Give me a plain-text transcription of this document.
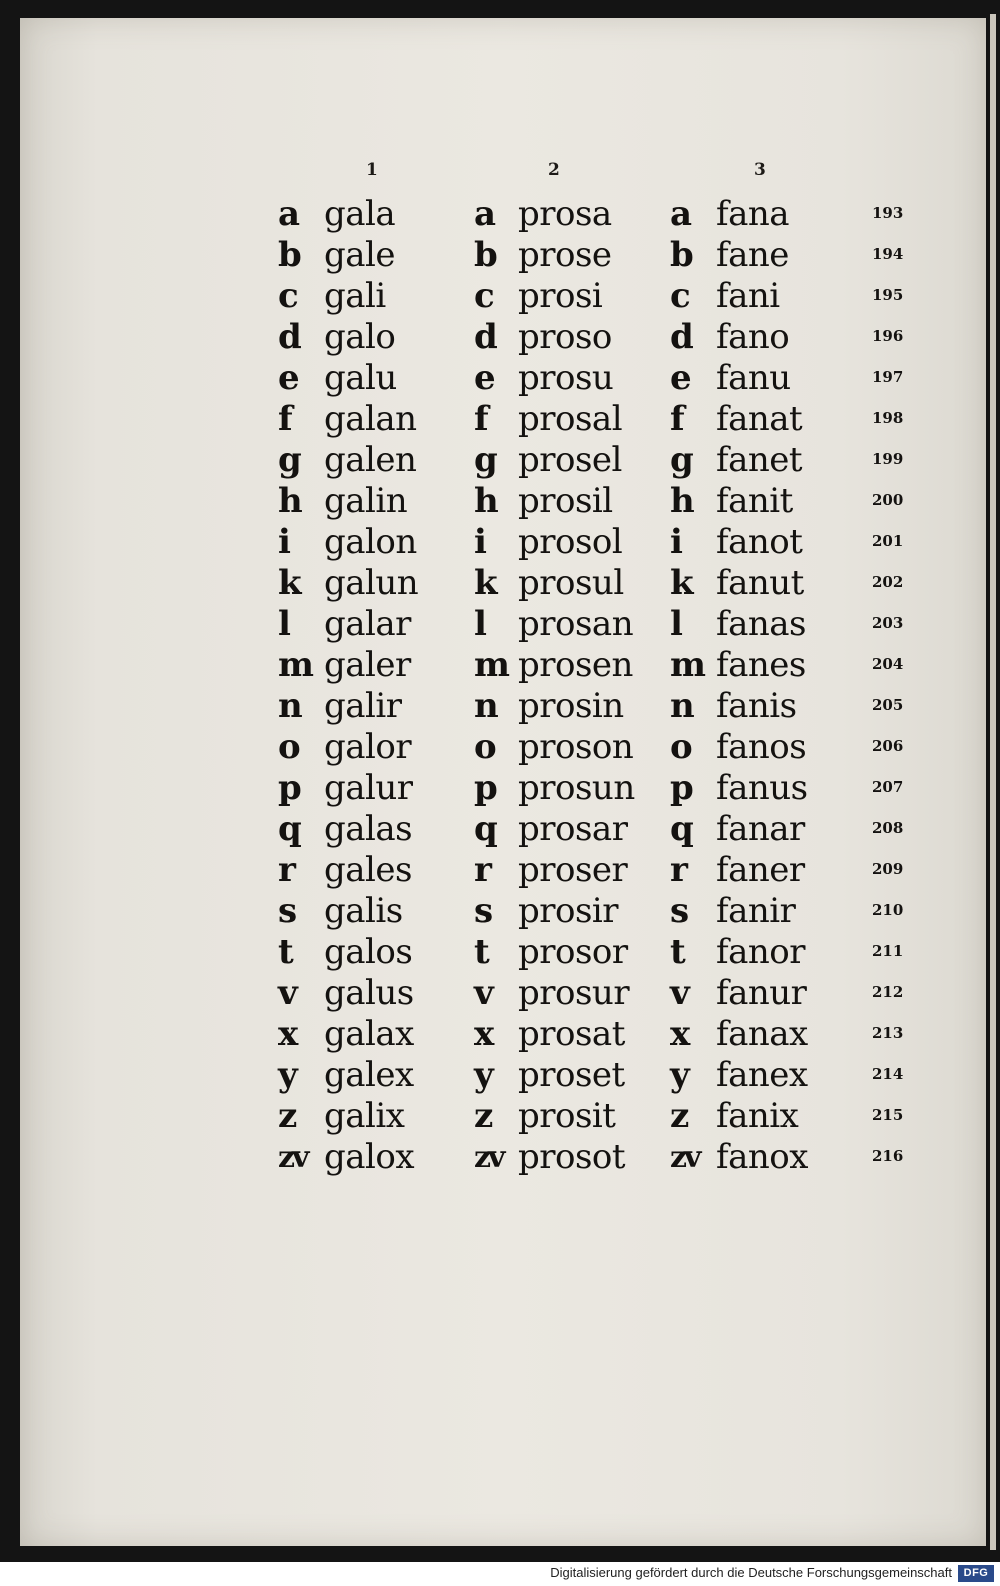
1	2	3
a gala a prosa a fana	193
b gale b prose b fane	194
c gali	c prosi c fani	195
d galo d proso d fano	196
e galu e prosu e fanu	197
f galan f prosal f fanat	198
g galen g prosel g fanet	199
h galin h prosil h fanit	200
i galon i prosol i fanot	201
k galun k prosul k fanut	202
l galar l prosan l fanas	203
m galer m prosen m fanes	204
n galir n prosin n fanis	205
o galor o proson o fanos	206
p galur p prosun p fanus	207
q galas q prosar q fanar	208
r gales r proser r faner	209
s galis s prosir s fanir	210
t galos t prosor t fanor	211
v galus v prosur v fanur	212
x galax x prosat x fanax	213
y galex y proset y fanex	214
z galix z prosit z fanix	215
zv galox zv prosot zv fanox	216
Digitalisierung gefördert durch die Deutsche Forschungsgemeinschaft	DFG
